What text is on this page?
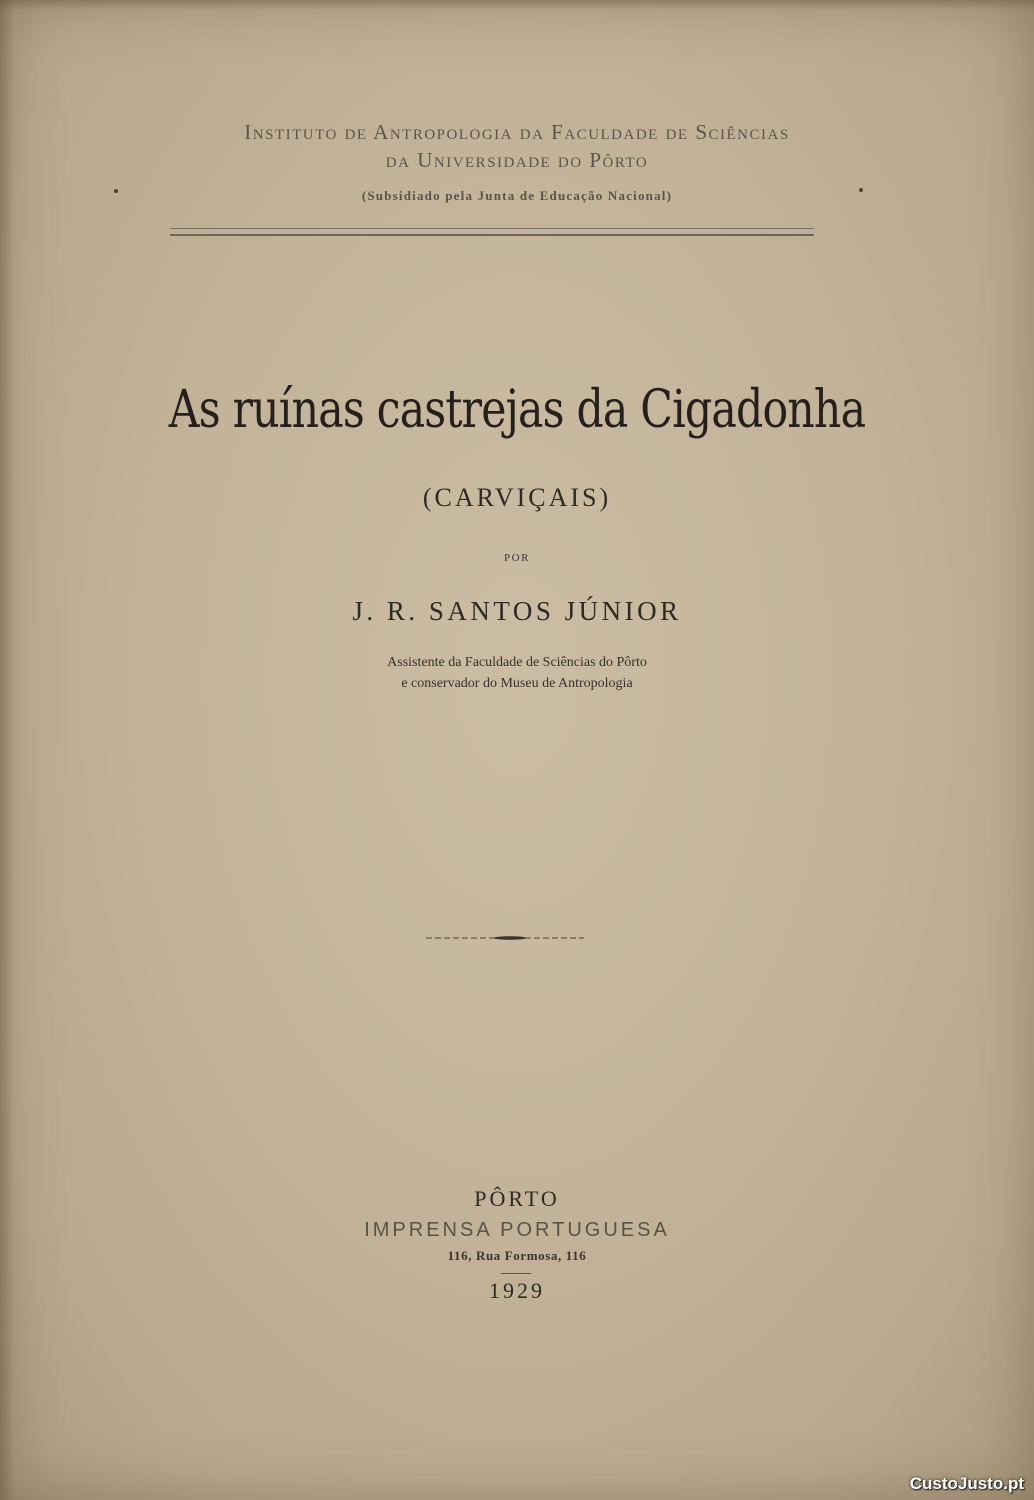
Instituto de Antropologia da Faculdade de Sciências
da Universidade do Pôrto
(Subsidiado pela Junta de Educação Nacional)
As ruínas castrejas da Cigadonha
(CARVIÇAIS)
POR
J. R. SANTOS JÚNIOR
Assistente da Faculdade de Sciências do Pôrto
e conservador do Museu de Antropologia
PÔRTO
IMPRENSA PORTUGUESA
116, Rua Formosa, 116
1929
CustoJusto.pt
